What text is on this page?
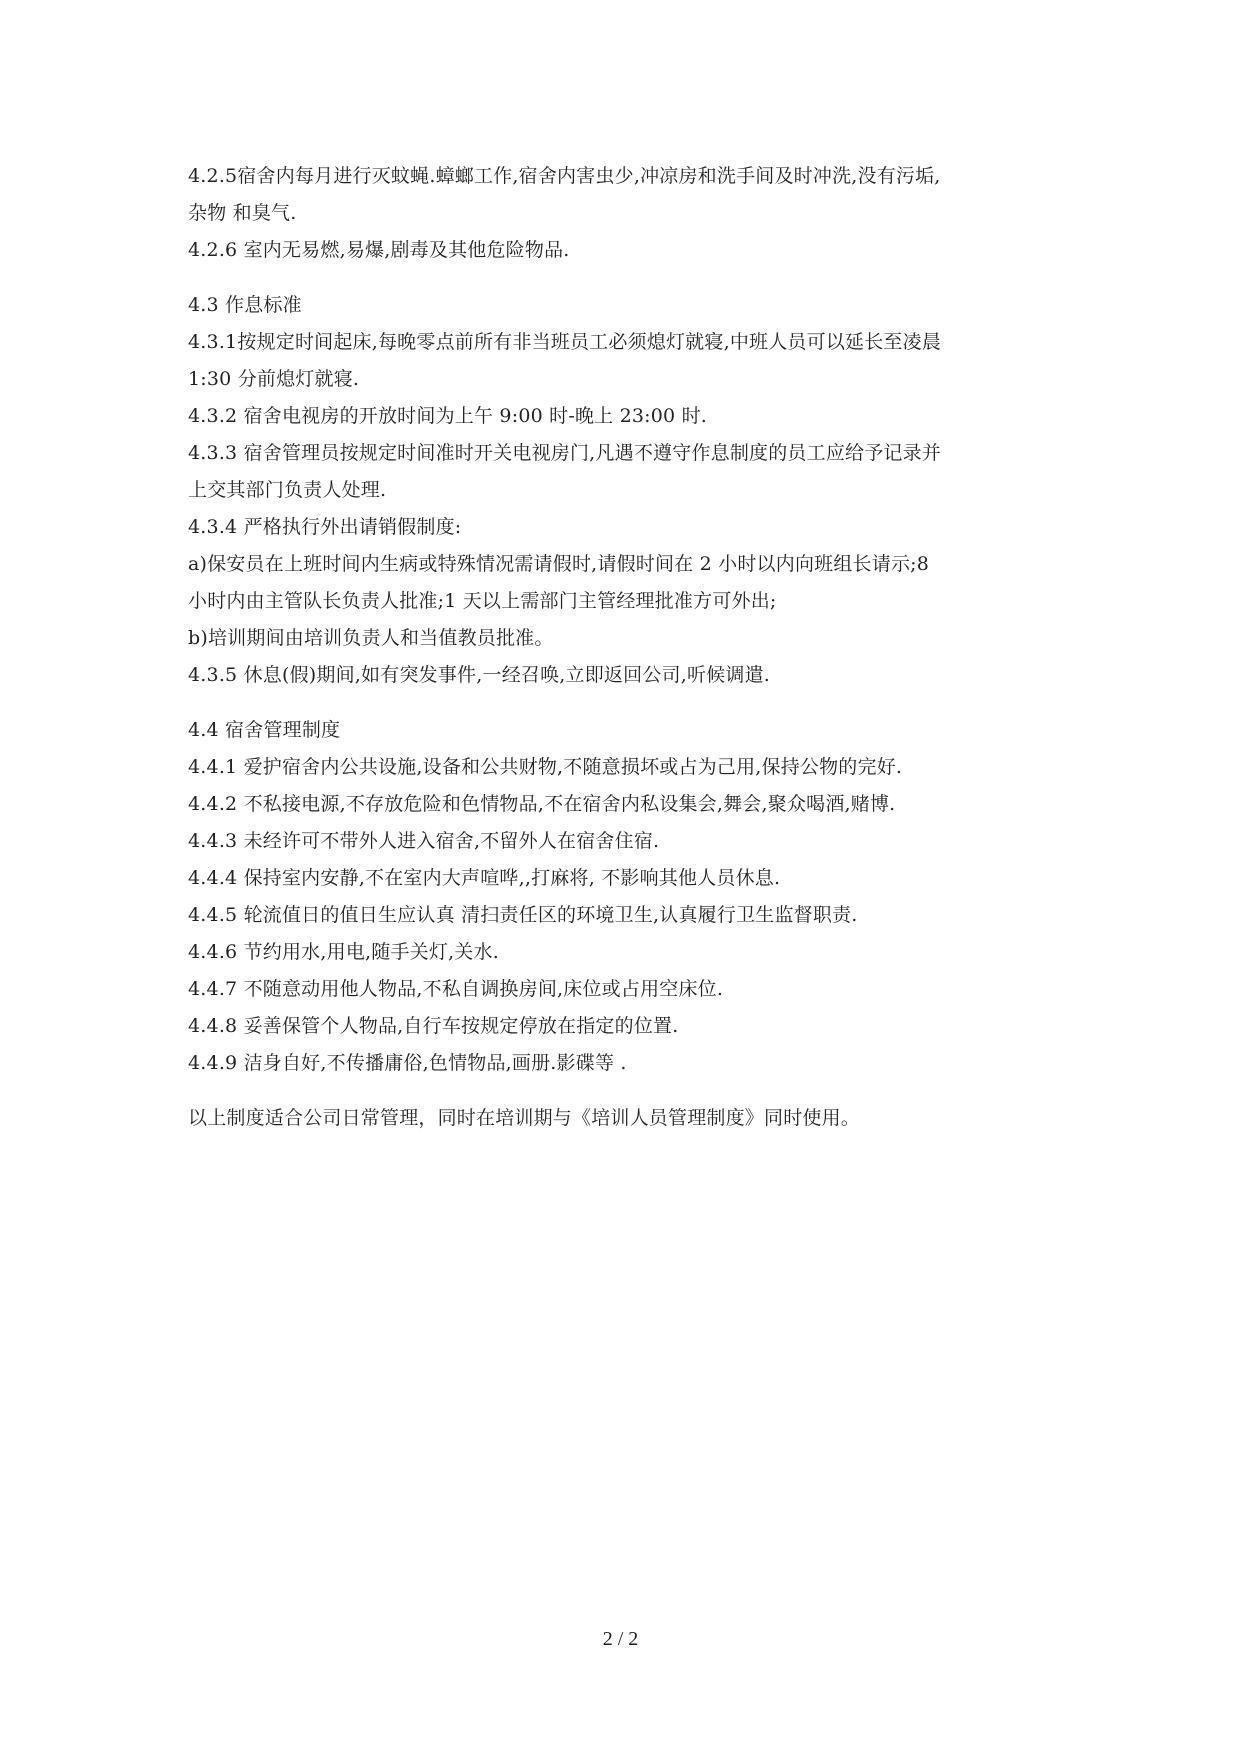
4.2.5宿舍内每月进行灭蚊蝇.蟑螂工作,宿舍内害虫少,冲凉房和洗手间及时冲洗,没有污垢,
杂物 和臭气.
4.2.6 室内无易燃,易爆,剧毒及其他危险物品.
4.3 作息标准
4.3.1按规定时间起床,每晚零点前所有非当班员工必须熄灯就寝,中班人员可以延长至凌晨
1:30 分前熄灯就寝.
4.3.2 宿舍电视房的开放时间为上午 9:00 时-晚上 23:00 时.
4.3.3 宿舍管理员按规定时间准时开关电视房门,凡遇不遵守作息制度的员工应给予记录并
上交其部门负责人处理.
4.3.4 严格执行外出请销假制度:
a)保安员在上班时间内生病或特殊情况需请假时,请假时间在 2 小时以内向班组长请示;8
小时内由主管队长负责人批准;1 天以上需部门主管经理批准方可外出;
b)培训期间由培训负责人和当值教员批准。
4.3.5 休息(假)期间,如有突发事件,一经召唤,立即返回公司,听候调遣.
4.4 宿舍管理制度
4.4.1 爱护宿舍内公共设施,设备和公共财物,不随意损坏或占为己用,保持公物的完好.
4.4.2 不私接电源,不存放危险和色情物品,不在宿舍内私设集会,舞会,聚众喝酒,赌博.
4.4.3 未经许可不带外人进入宿舍,不留外人在宿舍住宿.
4.4.4 保持室内安静,不在室内大声喧哗,,打麻将, 不影响其他人员休息.
4.4.5 轮流值日的值日生应认真 清扫责任区的环境卫生,认真履行卫生监督职责.
4.4.6 节约用水,用电,随手关灯,关水.
4.4.7 不随意动用他人物品,不私自调换房间,床位或占用空床位.
4.4.8 妥善保管个人物品,自行车按规定停放在指定的位置.
4.4.9 洁身自好,不传播庸俗,色情物品,画册.影碟等 .
以上制度适合公司日常管理，同时在培训期与《培训人员管理制度》同时使用。
2 / 2
